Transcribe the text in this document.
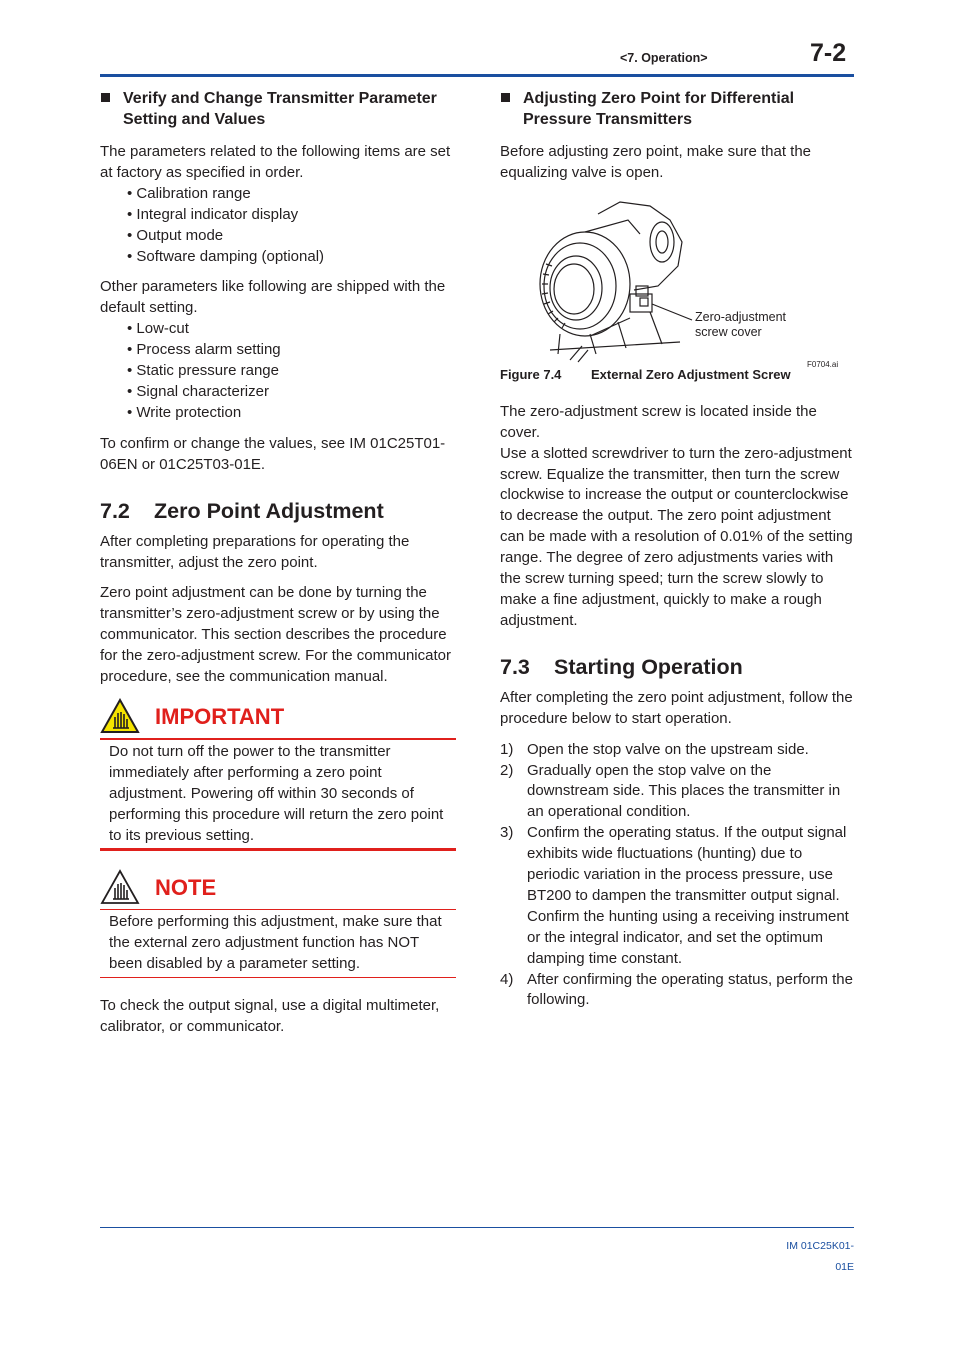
<7. Operation>	7-2
Verify and Change Transmitter Parameter Setting and Values

The parameters related to the following items are set at factory as specified in order.

• Calibration range
• Integral indicator display
• Output mode
• Software damping (optional)

Other parameters like following are shipped with the default setting.

• Low-cut
• Process alarm setting
• Static pressure range
• Signal characterizer
• Write protection

To confirm or change the values, see IM 01C25T01-06EN or 01C25T03-01E.

7.2 Zero Point Adjustment

After completing preparations for operating the transmitter, adjust the zero point.

Zero point adjustment can be done by turning the transmitter’s zero-adjustment screw or by using the communicator. This section describes the procedure for the zero-adjustment screw. For the communicator procedure, see the communication manual.

IMPORTANT
Do not turn off the power to the transmitter immediately after performing a zero point adjustment. Powering off within 30 seconds of performing this procedure will return the zero point to its previous setting.
NOTE
Before performing this adjustment, make sure that the external zero adjustment function has NOT been disabled by a parameter setting.

To check the output signal, use a digital multimeter, calibrator, or communicator.

Adjusting Zero Point for Differential Pressure Transmitters

Before adjusting zero point, make sure that the equalizing valve is open.

Zero-adjustment screw cover
F0704.ai
Figure 7.4 External Zero Adjustment Screw
The zero-adjustment screw is located inside the cover.

Use a slotted screwdriver to turn the zero-adjustment screw. Equalize the transmitter, then turn the screw clockwise to increase the output or counterclockwise to decrease the output. The zero point adjustment can be made with a resolution of 0.01% of the setting range. The degree of zero adjustments varies with the screw turning speed; turn the screw slowly to make a fine adjustment, quickly to make a rough adjustment.

7.3 Starting Operation

After completing the zero point adjustment, follow the procedure below to start operation.

1) Open the stop valve on the upstream side.
2) Gradually open the stop valve on the downstream side. This places the transmitter in an operational condition.
3) Confirm the operating status. If the output signal exhibits wide fluctuations (hunting) due to periodic variation in the process pressure, use BT200 to dampen the transmitter output signal. Confirm the hunting using a receiving instrument or the integral indicator, and set the optimum damping time constant.
4) After confirming the operating status, perform the following.
IM 01C25K01-01E
